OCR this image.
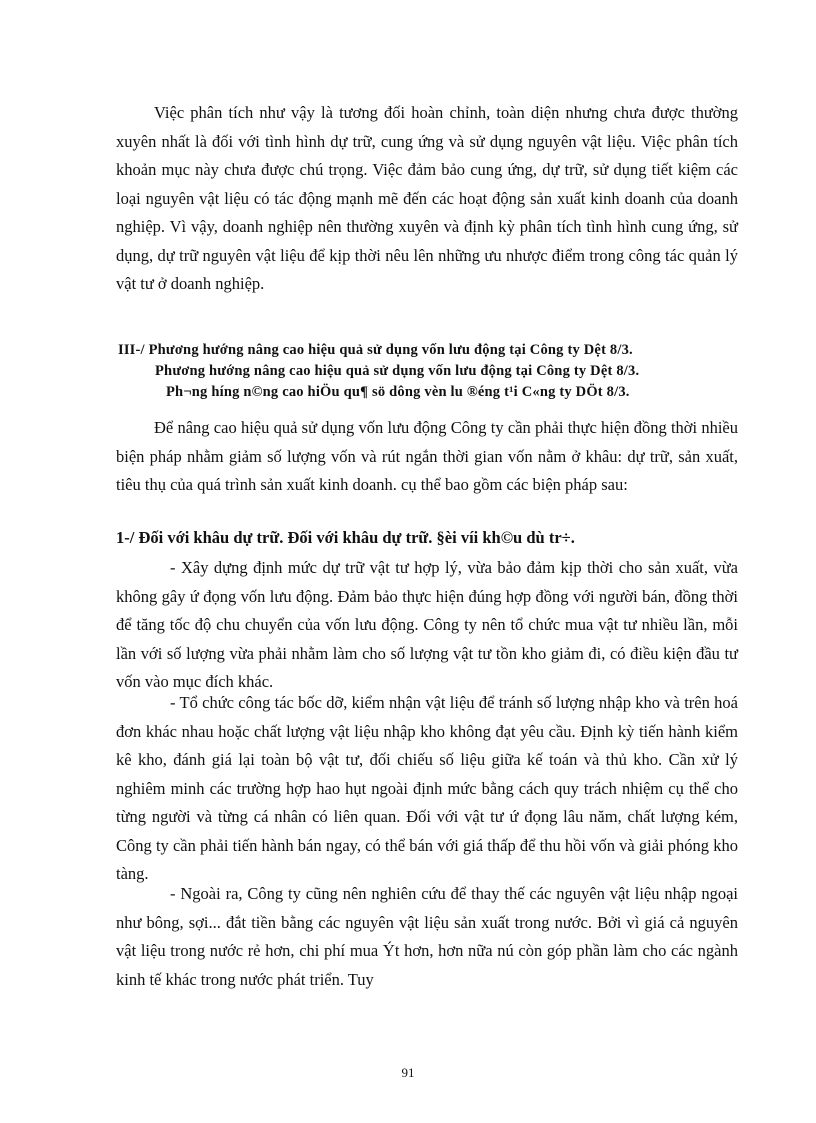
Việc phân tích như vậy là tương đối hoàn chỉnh, toàn diện nhưng chưa được thường xuyên nhất là đối với tình hình dự trữ, cung ứng và sử dụng nguyên vật liệu. Việc phân tích khoản mục này chưa được chú trọng. Việc đảm bảo cung ứng, dự trữ, sử dụng tiết kiệm các loại nguyên vật liệu có tác động mạnh mẽ đến các hoạt động sản xuất kinh doanh của doanh nghiệp. Vì vậy, doanh nghiệp nên thường xuyên và định kỳ phân tích tình hình cung ứng, sử dụng, dự trữ nguyên vật liệu để kịp thời nêu lên những ưu nhược điểm trong công tác quản lý vật tư ở doanh nghiệp.

III-/ Phương hướng nâng cao hiệu quả sử dụng vốn lưu động tại Công ty Dệt 8/3.
Phương hướng nâng cao hiệu quả sử dụng vốn lưu động tại Công ty Dệt 8/3.
Ph¬ng híng n©ng cao hiÖu qu¶ sö dông vèn lu ®éng t¹i C«ng ty DÖt 8/3.

Để nâng cao hiệu quả sử dụng vốn lưu động Công ty cần phải thực hiện đồng thời nhiều biện pháp nhằm giảm số lượng vốn và rút ngắn thời gian vốn nằm ở khâu: dự trữ, sản xuất, tiêu thụ của quá trình sản xuất kinh doanh. cụ thể bao gồm các biện pháp sau:

1-/ Đối với khâu dự trữ. Đối với khâu dự trữ. §èi víi kh©u dù tr÷.

- Xây dựng định mức dự trữ vật tư hợp lý, vừa bảo đảm kịp thời cho sản xuất, vừa không gây ứ đọng vốn lưu động. Đảm bảo thực hiện đúng hợp đồng với người bán, đồng thời để tăng tốc độ chu chuyển của vốn lưu động. Công ty nên tổ chức mua vật tư nhiều lần, mỗi lần với số lượng vừa phải nhằm làm cho số lượng vật tư tồn kho giảm đi, có điều kiện đầu tư vốn vào mục đích khác.

- Tổ chức công tác bốc dỡ, kiểm nhận vật liệu để tránh số lượng nhập kho và trên hoá đơn khác nhau hoặc chất lượng vật liệu nhập kho không đạt yêu cầu. Định kỳ tiến hành kiểm kê kho, đánh giá lại toàn bộ vật tư, đối chiếu số liệu giữa kế toán và thủ kho. Cần xử lý nghiêm minh các trường hợp hao hụt ngoài định mức bằng cách quy trách nhiệm cụ thể cho từng người và từng cá nhân có liên quan. Đối với vật tư ứ đọng lâu năm, chất lượng kém, Công ty cần phải tiến hành bán ngay, có thể bán với giá thấp để thu hồi vốn và giải phóng kho tàng.

- Ngoài ra, Công ty cũng nên nghiên cứu để thay thế các nguyên vật liệu nhập ngoại như bông, sợi... đắt tiền bằng các nguyên vật liệu sản xuất trong nước. Bởi vì giá cả nguyên vật liệu trong nước rẻ hơn, chi phí mua Ýt hơn, hơn nữa nú còn góp phần làm cho các ngành kinh tế khác trong nước phát triển. Tuy

91
